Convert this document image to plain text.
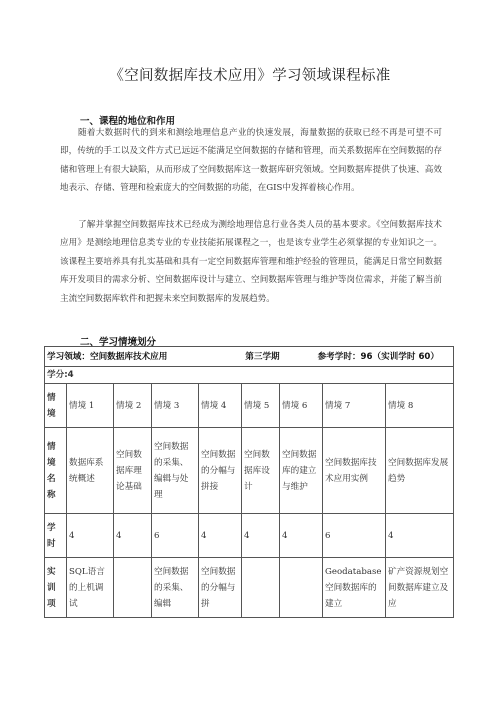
《空间数据库技术应用》学习领域课程标准
一、课程的地位和作用
随着大数据时代的到来和测绘地理信息产业的快速发展，海量数据的获取已经不再是可望不可即，传统的手工以及文件方式已远远不能满足空间数据的存储和管理，而关系数据库在空间数据的存储和管理上有很大缺陷，从而形成了空间数据库这一数据库研究领域。空间数据库提供了快速、高效地表示、存储、管理和检索庞大的空间数据的功能，在GIS中发挥着核心作用。
了解并掌握空间数据库技术已经成为测绘地理信息行业各类人员的基本要求。《空间数据库技术应用》是测绘地理信息类专业的专业技能拓展课程之一，也是该专业学生必须掌握的专业知识之一。该课程主要培养具有扎实基础和具有一定空间数据库管理和维护经验的管理员，能满足日常空间数据库开发项目的需求分析、空间数据库设计与建立、空间数据库管理与维护等岗位需求，并能了解当前主流空间数据库软件和把握未来空间数据库的发展趋势。
二、学习情境划分
学习领域：空间数据库技术应用 第三学期 参考学时：96（实训学时 60）								

学分:4								
情境	情境 1	情境 2	情境 3	情境 4	情境 5	情境 6	情境 7	情境 8
情境名称	数据库系统概述	空间数据库理论基础	空间数据的采集、编辑与处理	空间数据的分幅与拼接	空间数据库设计	空间数据库的建立与维护	空间数据库技术应用实例	空间数据库发展趋势
学时	4	4	6	4	4	4	6	4
实训项	SQL语言的上机调试		空间数据的采集、编辑	空间数据的分幅与拼			Geodatabase空间数据库的建立	矿产资源规划空间数据库建立及应
